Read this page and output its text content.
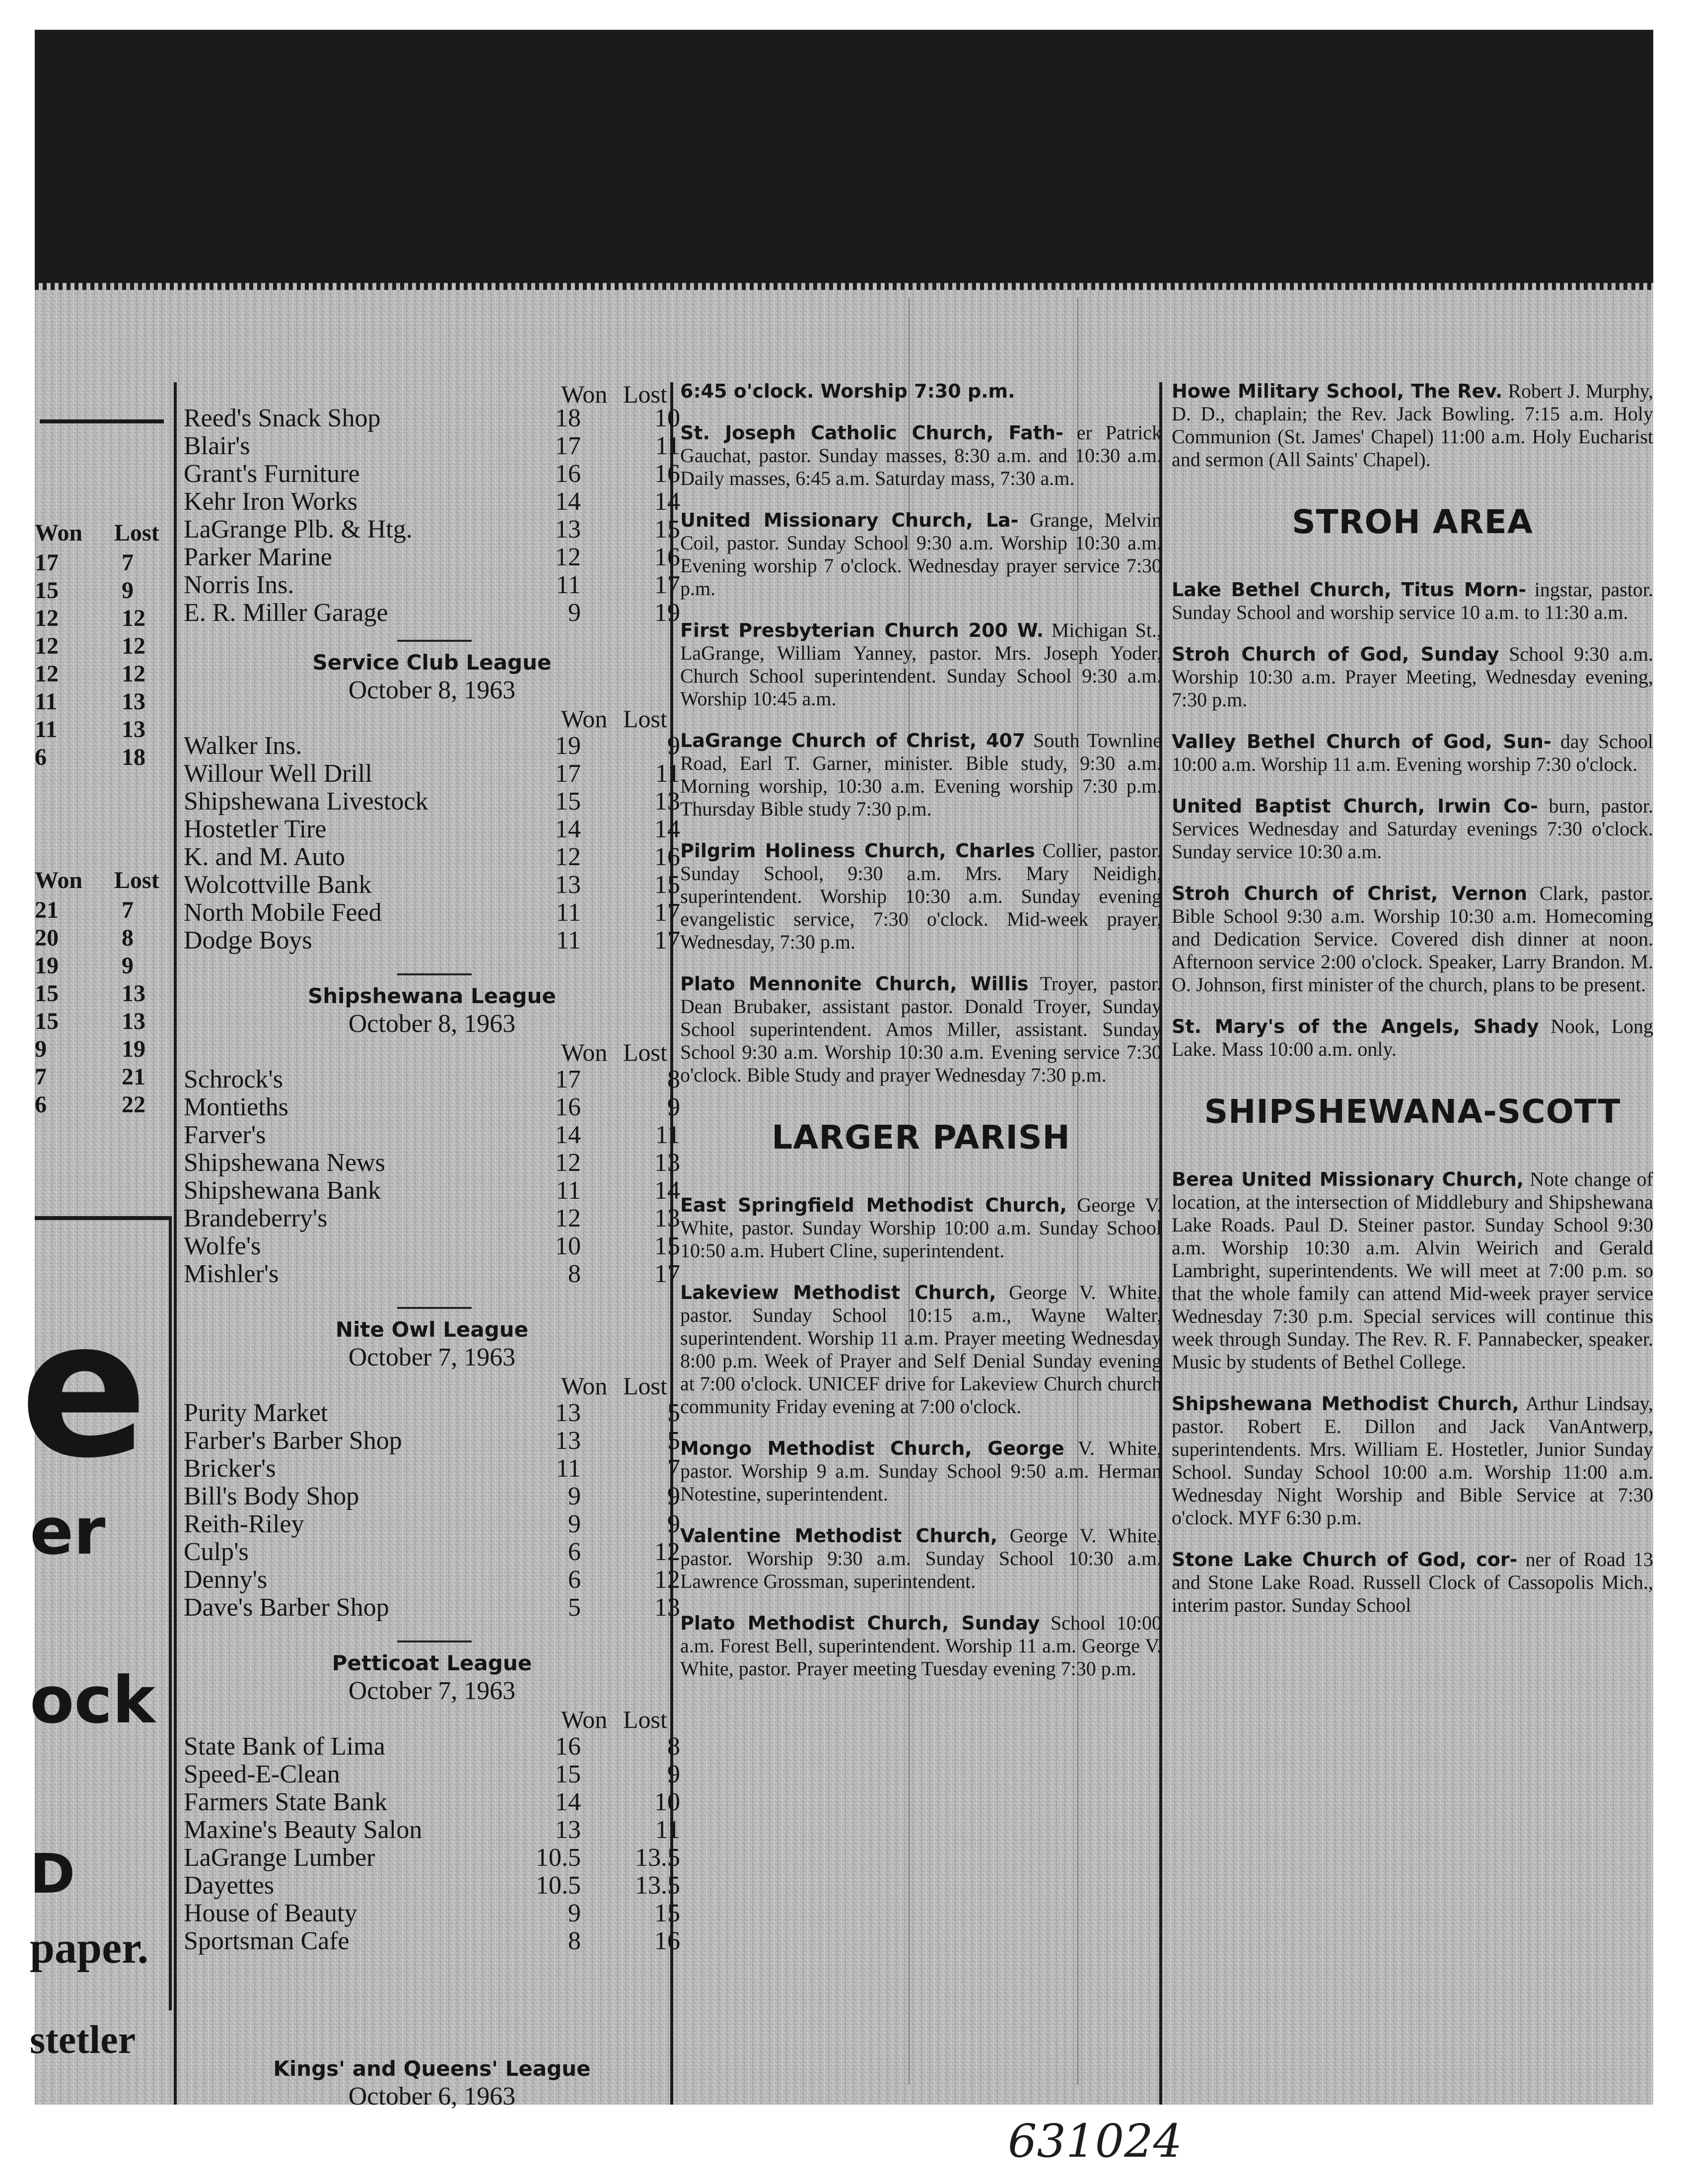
Won Lost
17	7
15	9
12	12
12	12
12	12
11	13
11	13
6	18
Won Lost
21	7
20	8
19	9
15	13
15	13
9	19
7	21
6	22
e
er
ock
D
paper.
stetler
Won Lost
Reed's Snack Shop	18	10
Blair's	17	11
Grant's Furniture	16	16
Kehr Iron Works	14	14
LaGrange Plb. & Htg.	13	15
Parker Marine	12	16
Norris Ins.	11	17
E. R. Miller Garage	9	19
Service Club League
October 8, 1963
Won Lost
Walker Ins.	19	9
Willour Well Drill	17	11
Shipshewana Livestock	15	13
Hostetler Tire	14	14
K. and M. Auto	12	16
Wolcottville Bank	13	15
North Mobile Feed	11	17
Dodge Boys	11	17
Shipshewana League
October 8, 1963
Won Lost
Schrock's	17	8
Montieths	16	9
Farver's	14	11
Shipshewana News	12	13
Shipshewana Bank	11	14
Brandeberry's	12	13
Wolfe's	10	15
Mishler's	8	17
Nite Owl League
October 7, 1963
Won Lost
Purity Market	13	5
Farber's Barber Shop	13	5
Bricker's	11	7
Bill's Body Shop	9	9
Reith-Riley	9	9
Culp's	6	12
Denny's	6	12
Dave's Barber Shop	5	13
Petticoat League
October 7, 1963
Won Lost
State Bank of Lima	16	8
Speed-E-Clean	15	9
Farmers State Bank	14	10
Maxine's Beauty Salon	13	11
LaGrange Lumber	10.5 13.5
Dayettes	10.5 13.5
House of Beauty	9	15
Sportsman Cafe	8	16
Kings' and Queens' League
October 6, 1963
6:45 o'clock. Worship 7:30 p.m.
St. Joseph Catholic Church, Fath- er Patrick Gauchat, pastor. Sunday masses, 8:30 a.m. and 10:30 a.m. Daily masses, 6:45 a.m. Saturday mass, 7:30 a.m.
United Missionary Church, La- Grange, Melvin Coil, pastor. Sunday School 9:30 a.m. Worship 10:30 a.m. Evening worship 7 o'clock. Wednesday prayer service 7:30 p.m.
First Presbyterian Church 200 W. Michigan St., LaGrange, William Yanney, pastor. Mrs. Joseph Yoder, Church School superintendent. Sunday School 9:30 a.m. Worship 10:45 a.m.
LaGrange Church of Christ, 407 South Townline Road, Earl T. Garner, minister. Bible study, 9:30 a.m. Morning worship, 10:30 a.m. Evening worship 7:30 p.m. Thursday Bible study 7:30 p.m.
Pilgrim Holiness Church, Charles Collier, pastor. Sunday School, 9:30 a.m. Mrs. Mary Neidigh, superintendent. Worship 10:30 a.m. Sunday evening evangelistic service, 7:30 o'clock. Mid-week prayer, Wednesday, 7:30 p.m.
Plato Mennonite Church, Willis Troyer, pastor. Dean Brubaker, assistant pastor. Donald Troyer, Sunday School superintendent. Amos Miller, assistant. Sunday School 9:30 a.m. Worship 10:30 a.m. Evening service 7:30 o'clock. Bible Study and prayer Wednesday 7:30 p.m.
LARGER PARISH
East Springfield Methodist Church, George V. White, pastor. Sunday Worship 10:00 a.m. Sunday School 10:50 a.m. Hubert Cline, superintendent.
Lakeview Methodist Church, George V. White, pastor. Sunday School 10:15 a.m., Wayne Walter, superintendent. Worship 11 a.m. Prayer meeting Wednesday 8:00 p.m. Week of Prayer and Self Denial Sunday evening at 7:00 o'clock. UNICEF drive for Lakeview Church church community Friday evening at 7:00 o'clock.
Mongo Methodist Church, George V. White, pastor. Worship 9 a.m. Sunday School 9:50 a.m. Herman Notestine, superintendent.
Valentine Methodist Church, George V. White, pastor. Worship 9:30 a.m. Sunday School 10:30 a.m. Lawrence Grossman, superintendent.
Plato Methodist Church, Sunday School 10:00 a.m. Forest Bell, superintendent. Worship 11 a.m. George V. White, pastor. Prayer meeting Tuesday evening 7:30 p.m.
Howe Military School, The Rev. Robert J. Murphy, D. D., chaplain; the Rev. Jack Bowling. 7:15 a.m. Holy Communion (St. James' Chapel) 11:00 a.m. Holy Eucharist and sermon (All Saints' Chapel).
STROH AREA
Lake Bethel Church, Titus Morn- ingstar, pastor. Sunday School and worship service 10 a.m. to 11:30 a.m.
Stroh Church of God, Sunday School 9:30 a.m. Worship 10:30 a.m. Prayer Meeting, Wednesday evening, 7:30 p.m.
Valley Bethel Church of God, Sun- day School 10:00 a.m. Worship 11 a.m. Evening worship 7:30 o'clock.
United Baptist Church, Irwin Co- burn, pastor. Services Wednesday and Saturday evenings 7:30 o'clock. Sunday service 10:30 a.m.
Stroh Church of Christ, Vernon Clark, pastor. Bible School 9:30 a.m. Worship 10:30 a.m. Homecoming and Dedication Service. Covered dish dinner at noon. Afternoon service 2:00 o'clock. Speaker, Larry Brandon. M. O. Johnson, first minister of the church, plans to be present.
St. Mary's of the Angels, Shady Nook, Long Lake. Mass 10:00 a.m. only.
SHIPSHEWANA-SCOTT
Berea United Missionary Church, Note change of location, at the intersection of Middlebury and Shipshewana Lake Roads. Paul D. Steiner pastor. Sunday School 9:30 a.m. Worship 10:30 a.m. Alvin Weirich and Gerald Lambright, superintendents. We will meet at 7:00 p.m. so that the whole family can attend Mid-week prayer service Wednesday 7:30 p.m. Special services will continue this week through Sunday. The Rev. R. F. Pannabecker, speaker. Music by students of Bethel College.
Shipshewana Methodist Church, Arthur Lindsay, pastor. Robert E. Dillon and Jack VanAntwerp, superintendents. Mrs. William E. Hostetler, Junior Sunday School. Sunday School 10:00 a.m. Worship 11:00 a.m. Wednesday Night Worship and Bible Service at 7:30 o'clock. MYF 6:30 p.m.
Stone Lake Church of God, cor- ner of Road 13 and Stone Lake Road. Russell Clock of Cassopolis Mich., interim pastor. Sunday School
631024
